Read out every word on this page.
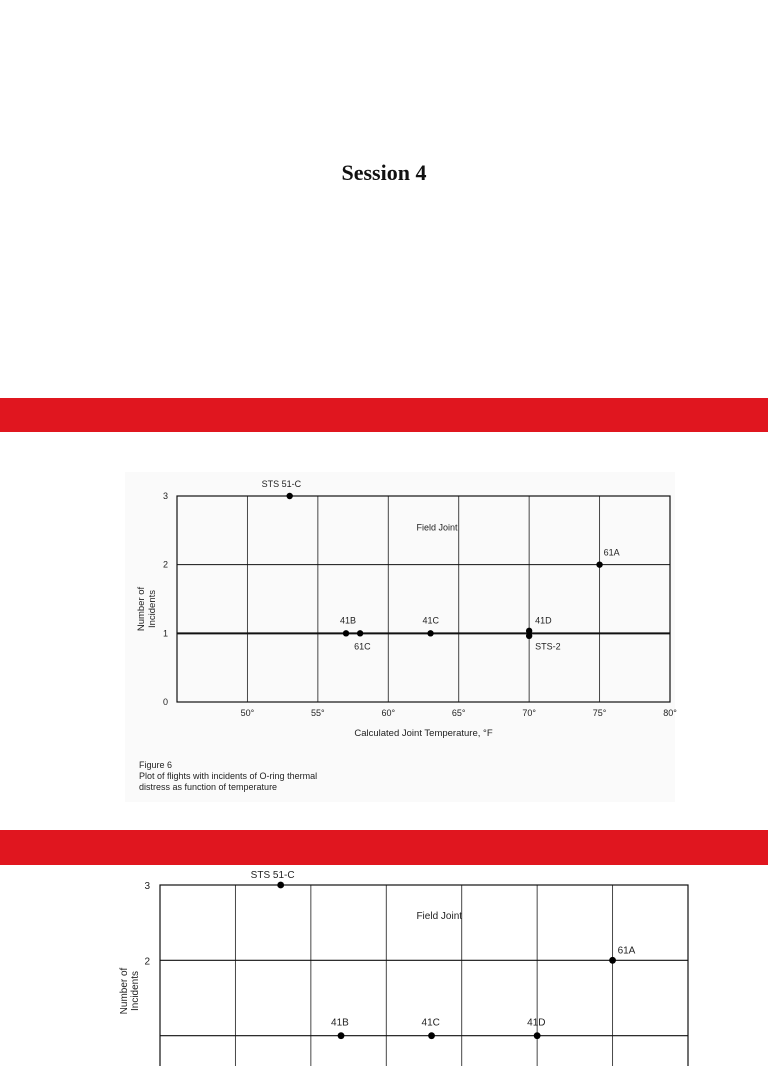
Session 4
0
1
2
3
50°	55°	60°	65°	70°	75°	80°
STS 51-C
41B
61C
41C	41D
STS-2
61A
Field Joint
Calculated Joint Temperature, °F
Number of Incidents
Figure 6
Plot of flights with incidents of O-ring thermal
distress as function of temperature
2
3
STS 51-C
61A
41B	41C	41D
Field Joint
Number of Incidents
